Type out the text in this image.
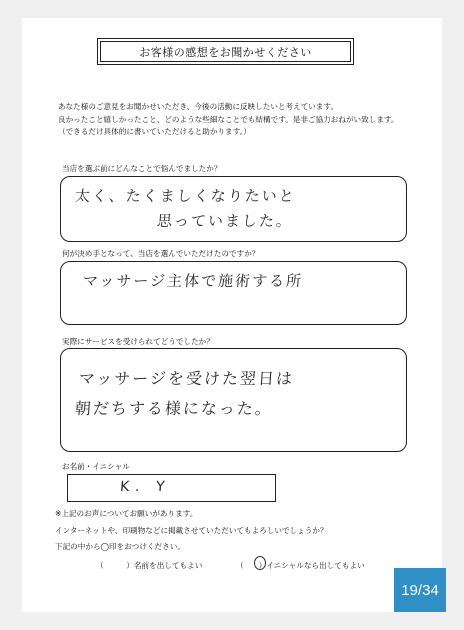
お客様の感想をお聞かせください
あなた様のご意見をお聞かせいただき、今後の活動に反映したいと考えています。
良かったこと嬉しかったこと、どのような些細なことでも結構です。是非ご協力おねがい致します。
（できるだけ具体的に書いていただけると助かります。）
当店を選ぶ前にどんなことで悩んでましたか？
太く、たくましくなりたいと
思っていました。
何が決め手となって、当店を選んでいただけたのですか？
マッサージ主体で施術する所
実際にサービスを受けられてどうでしたか？
マッサージを受けた翌日は
朝だちする様になった。
お名前・イニシャル
K. Y
※上記のお声についてお願いがあります。
インターネットや、印刷物などに掲載させていただいてもよろしいでしょうか？
下記の中から◯印をおつけください。
（　　　）名前を出してもよい	（　　）イニシャルなら出してもよい
19/34
